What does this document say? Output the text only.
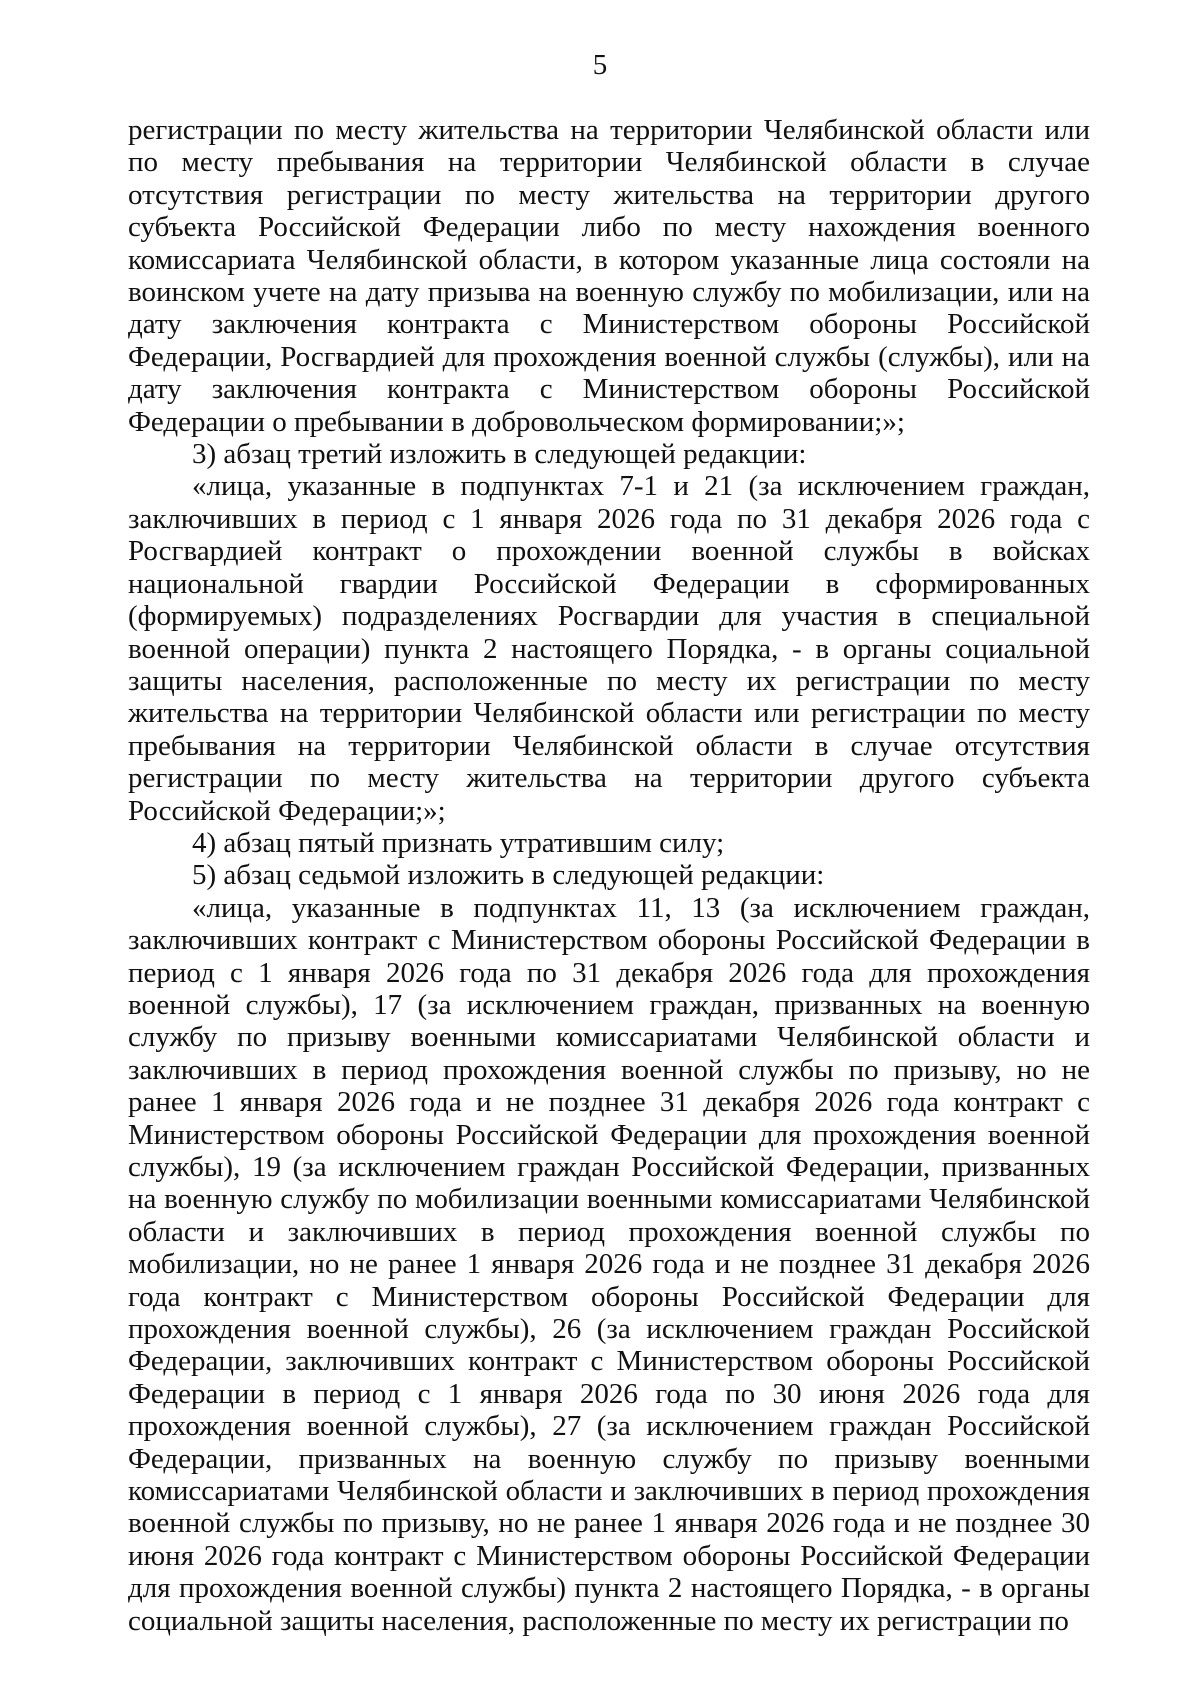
5

регистрации по месту жительства на территории Челябинской области или по месту пребывания на территории Челябинской области в случае отсутствия регистрации по месту жительства на территории другого субъекта Российской Федерации либо по месту нахождения военного комиссариата Челябинской области, в котором указанные лица состояли на воинском учете на дату призыва на военную службу по мобилизации, или на дату заключения контракта с Министерством обороны Российской Федерации, Росгвардией для прохождения военной службы (службы), или на дату заключения контракта с Министерством обороны Российской Федерации о пребывании в добровольческом формировании;»;

3) абзац третий изложить в следующей редакции:

«лица, указанные в подпунктах 7-1 и 21 (за исключением граждан, заключивших в период с 1 января 2026 года по 31 декабря 2026 года с Росгвардией контракт о прохождении военной службы в войсках национальной гвардии Российской Федерации в сформированных (формируемых) подразделениях Росгвардии для участия в специальной военной операции) пункта 2 настоящего Порядка, - в органы социальной защиты населения, расположенные по месту их регистрации по месту жительства на территории Челябинской области или регистрации по месту пребывания на территории Челябинской области в случае отсутствия регистрации по месту жительства на территории другого субъекта Российской Федерации;»;

4) абзац пятый признать утратившим силу;

5) абзац седьмой изложить в следующей редакции:

«лица, указанные в подпунктах 11, 13 (за исключением граждан, заключивших контракт с Министерством обороны Российской Федерации в период с 1 января 2026 года по 31 декабря 2026 года для прохождения военной службы), 17 (за исключением граждан, призванных на военную службу по призыву военными комиссариатами Челябинской области и заключивших в период прохождения военной службы по призыву, но не ранее 1 января 2026 года и не позднее 31 декабря 2026 года контракт с Министерством обороны Российской Федерации для прохождения военной службы), 19 (за исключением граждан Российской Федерации, призванных на военную службу по мобилизации военными комиссариатами Челябинской области и заключивших в период прохождения военной службы по мобилизации, но не ранее 1 января 2026 года и не позднее 31 декабря 2026 года контракт с Министерством обороны Российской Федерации для прохождения военной службы), 26 (за исключением граждан Российской Федерации, заключивших контракт с Министерством обороны Российской Федерации в период с 1 января 2026 года по 30 июня 2026 года для прохождения военной службы), 27 (за исключением граждан Российской Федерации, призванных на военную службу по призыву военными комиссариатами Челябинской области и заключивших в период прохождения военной службы по призыву, но не ранее 1 января 2026 года и не позднее 30 июня 2026 года контракт с Министерством обороны Российской Федерации для прохождения военной службы) пункта 2 настоящего Порядка, - в органы социальной защиты населения, расположенные по месту их регистрации по
